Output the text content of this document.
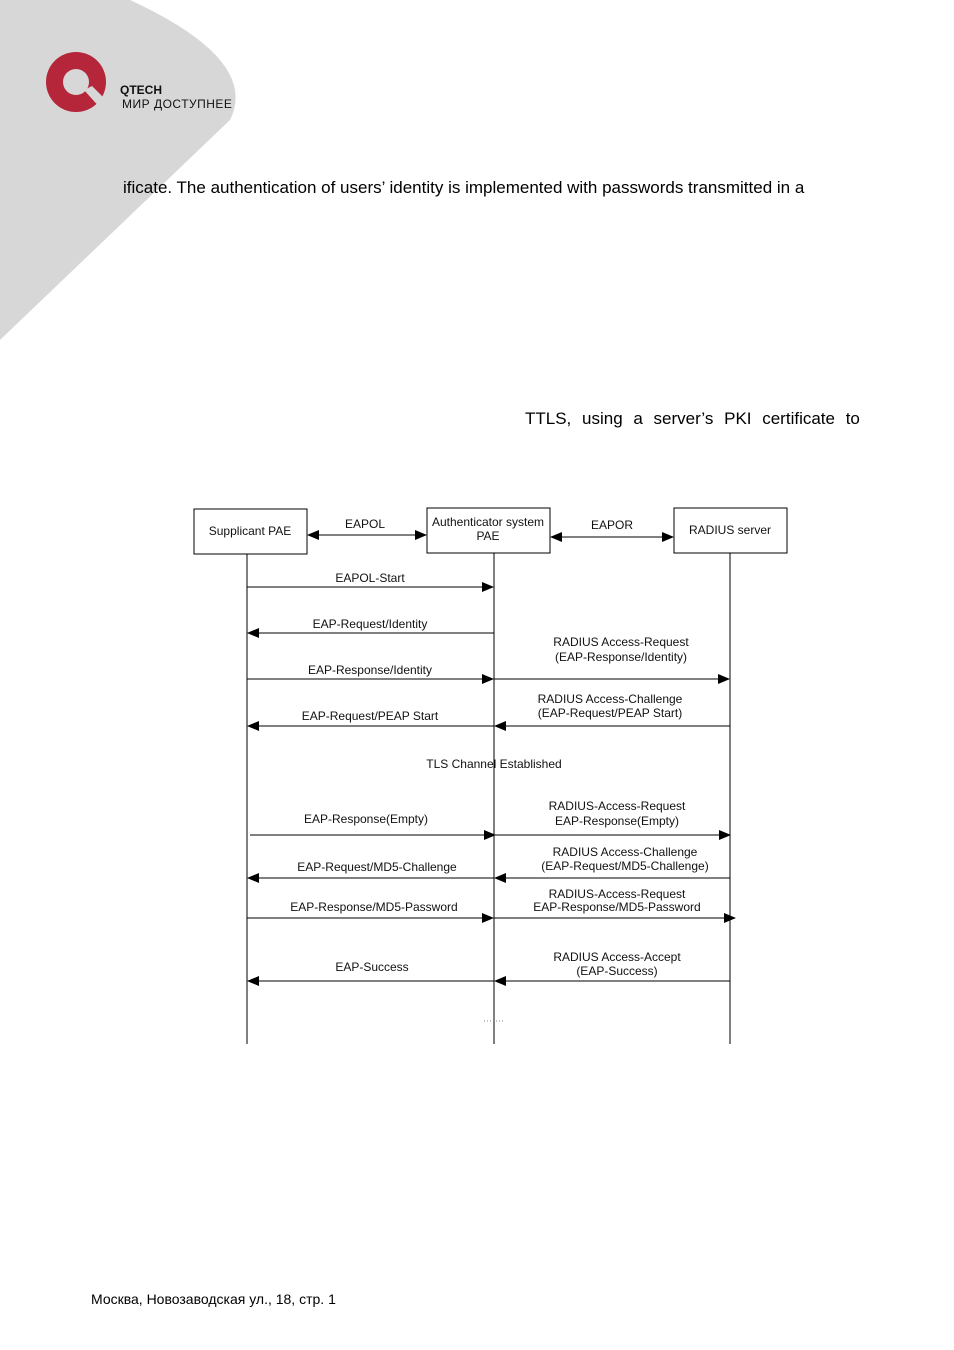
QTECH
МИР ДОСТУПНЕЕ
ificate. The authentication of users’ identity is implemented with passwords transmitted in a
TTLS, using a server’s PKI certificate to
Supplicant PAE
Authenticator system
PAE	RADIUS server
EAPOL	EAPOR
EAPOL-Start
EAP-Request/Identity
EAP-Response/Identity
RADIUS Access-Request
(EAP-Response/Identity)
RADIUS Access-Challenge
(EAP-Request/PEAP Start)
EAP-Request/PEAP Start
TLS Channel Established
EAP-Response(Empty)
RADIUS-Access-Request
EAP-Response(Empty)
RADIUS Access-Challenge
(EAP-Request/MD5-Challenge)
EAP-Request/MD5-Challenge
EAP-Response/MD5-Password
RADIUS-Access-Request
EAP-Response/MD5-Password
RADIUS Access-Accept
(EAP-Success)
EAP-Success
Москва, Новозаводская ул., 18, стр. 1
